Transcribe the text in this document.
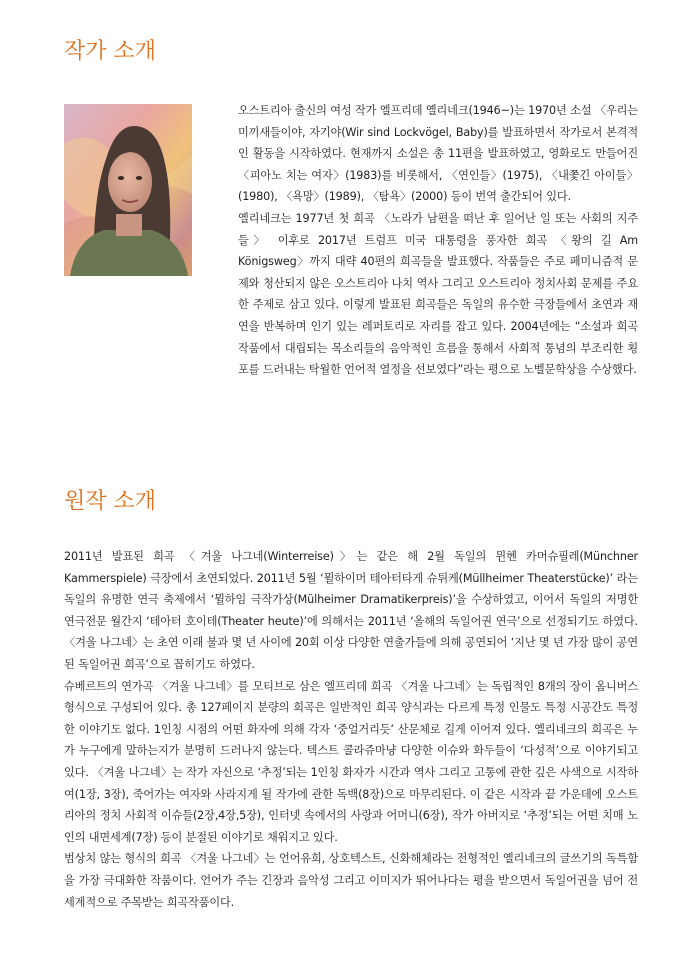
작가 소개

오스트리아 출신의 여성 작가 엘프리데 옐리네크(1946~)는 1970년 소설 〈우리는 미끼새들이야, 자기야(Wir sind Lockvögel, Baby)를 발표하면서 작가로서 본격적인 활동을 시작하였다. 현재까지 소설은 총 11편을 발표하였고, 영화로도 만들어진 〈피아노 치는 여자〉(1983)를 비롯해서, 〈연인들〉(1975), 〈내쫓긴 아이들〉(1980), 〈욕망〉(1989), 〈탐욕〉(2000) 등이 번역 출간되어 있다.

옐리네크는 1977년 첫 희곡 〈노라가 남편을 떠난 후 일어난 일 또는 사회의 지주들〉 이후로 2017년 트럼프 미국 대통령을 풍자한 희곡 〈왕의 길 Am Königsweg〉까지 대략 40편의 희곡들을 발표했다. 작품들은 주로 페미니즘적 문제와 청산되지 않은 오스트리아 나치 역사 그리고 오스트리아 정치사회 문제를 주요한 주제로 삼고 있다. 이렇게 발표된 희곡들은 독일의 유수한 극장들에서 초연과 재연을 반복하며 인기 있는 레퍼토리로 자리를 잡고 있다. 2004년에는 “소설과 희곡 작품에서 대립되는 목소리들의 음악적인 흐름을 통해서 사회적 통념의 부조리한 횡포를 드러내는 탁월한 언어적 열정을 선보였다”라는 평으로 노벨문학상을 수상했다.

원작 소개

2011년 발표된 희곡 〈겨울 나그네(Winterreise)〉는 같은 해 2월 독일의 뮌헨 카머슈필레(Münchner Kammerspiele) 극장에서 초연되었다. 2011년 5월 ‘뮐하이머 테아터타게 슈튀케(Müllheimer Theaterstücke)’ 라는 독일의 유명한 연극 축제에서 ‘뮐하임 극작가상(Mülheimer Dramatikerpreis)’을 수상하였고, 이어서 독일의 저명한 연극전문 월간지 ‘테아터 호이테(Theater heute)’에 의해서는 2011년 ‘올해의 독일어권 연극’으로 선정되기도 하였다. 〈겨울 나그네〉는 초연 이래 불과 몇 년 사이에 20회 이상 다양한 연출가들에 의해 공연되어 ‘지난 몇 년 가장 많이 공연된 독일어권 희곡’으로 꼽히기도 하였다.

슈베르트의 연가곡 〈겨울 나그네〉를 모티브로 삼은 엘프리데 희곡 〈겨울 나그네〉는 독립적인 8개의 장이 옴니버스 형식으로 구성되어 있다. 총 127페이지 분량의 희곡은 일반적인 희곡 양식과는 다르게 특정 인물도 특정 시공간도 특정한 이야기도 없다. 1인칭 시점의 어떤 화자에 의해 각자 ‘중얼거리듯’ 산문체로 길게 이어져 있다. 옐리네크의 희곡은 누가 누구에게 말하는지가 분명히 드러나지 않는다. 텍스트 콜라쥬마냥 다양한 이슈와 화두들이 ‘다성적’으로 이야기되고 있다. 〈겨울 나그네〉는 작가 자신으로 ‘추정’되는 1인칭 화자가 시간과 역사 그리고 고통에 관한 깊은 사색으로 시작하여(1장, 3장), 죽어가는 여자와 사라지게 될 작가에 관한 독백(8장)으로 마무리된다. 이 같은 시작과 끝 가운데에 오스트리아의 정치 사회적 이슈들(2장,4장,5장), 인터넷 속에서의 사랑과 어머니(6장), 작가 아버지로 ‘추정’되는 어떤 치매 노인의 내면세계(7장) 등이 분절된 이야기로 채워지고 있다.

범상치 않는 형식의 희곡 〈겨울 나그네〉는 언어유희, 상호텍스트, 신화해체라는 전형적인 옐리네크의 글쓰기의 독특함을 가장 극대화한 작품이다. 언어가 주는 긴장과 음악성 그리고 이미지가 뛰어나다는 평을 받으면서 독일어권을 넘어 전세계적으로 주목받는 희곡작품이다.
